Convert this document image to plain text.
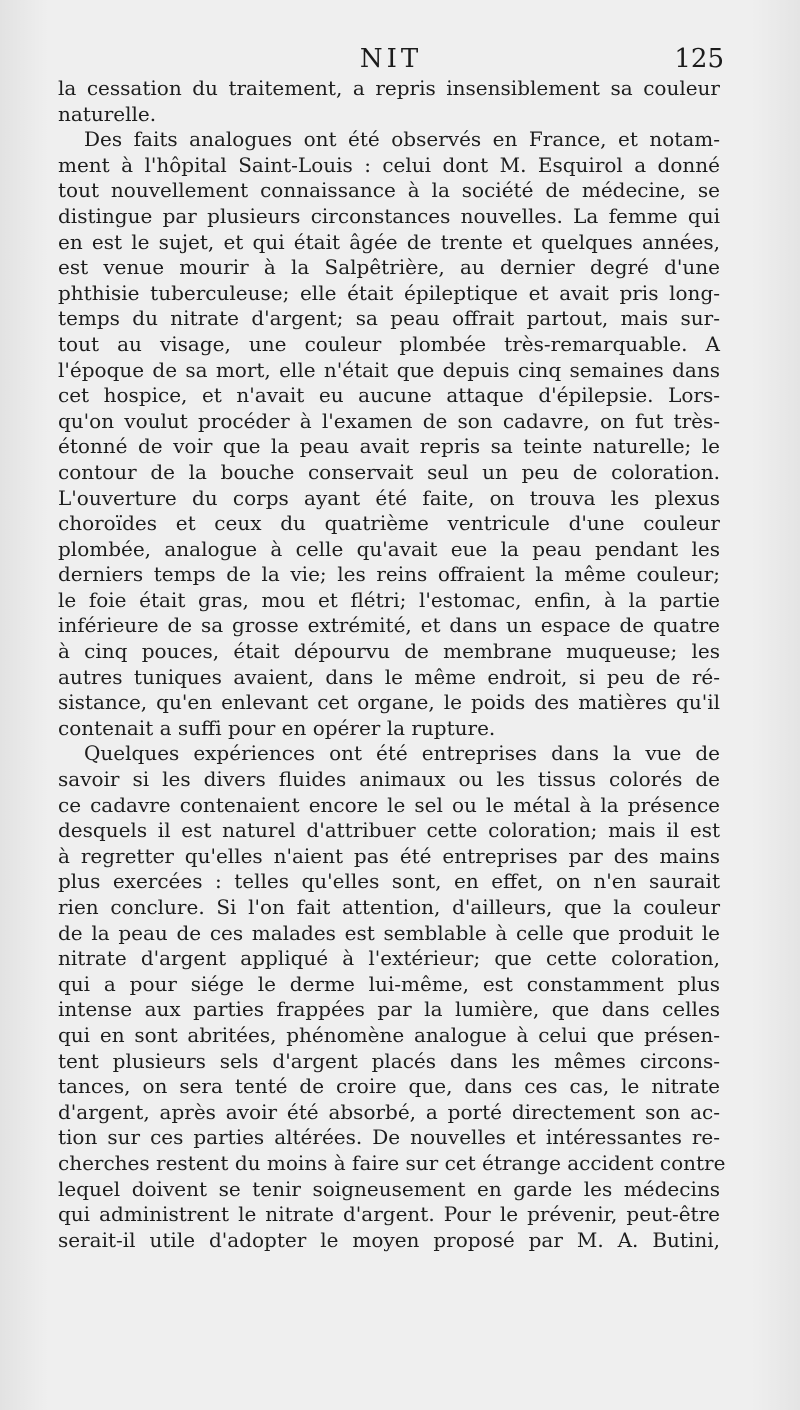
NIT	125
la cessation du traitement, a repris insensiblement sa couleur
naturelle.
Des faits analogues ont été observés en France, et notam-
ment à l'hôpital Saint-Louis : celui dont M. Esquirol a donné
tout nouvellement connaissance à la société de médecine, se
distingue par plusieurs circonstances nouvelles. La femme qui
en est le sujet, et qui était âgée de trente et quelques années,
est venue mourir à la Salpêtrière, au dernier degré d'une
phthisie tuberculeuse; elle était épileptique et avait pris long-
temps du nitrate d'argent; sa peau offrait partout, mais sur-
tout au visage, une couleur plombée très-remarquable. A
l'époque de sa mort, elle n'était que depuis cinq semaines dans
cet hospice, et n'avait eu aucune attaque d'épilepsie. Lors-
qu'on voulut procéder à l'examen de son cadavre, on fut très-
étonné de voir que la peau avait repris sa teinte naturelle; le
contour de la bouche conservait seul un peu de coloration.
L'ouverture du corps ayant été faite, on trouva les plexus
choroïdes et ceux du quatrième ventricule d'une couleur
plombée, analogue à celle qu'avait eue la peau pendant les
derniers temps de la vie; les reins offraient la même couleur;
le foie était gras, mou et flétri; l'estomac, enfin, à la partie
inférieure de sa grosse extrémité, et dans un espace de quatre
à cinq pouces, était dépourvu de membrane muqueuse; les
autres tuniques avaient, dans le même endroit, si peu de ré-
sistance, qu'en enlevant cet organe, le poids des matières qu'il
contenait a suffi pour en opérer la rupture.
Quelques expériences ont été entreprises dans la vue de
savoir si les divers fluides animaux ou les tissus colorés de
ce cadavre contenaient encore le sel ou le métal à la présence
desquels il est naturel d'attribuer cette coloration; mais il est
à regretter qu'elles n'aient pas été entreprises par des mains
plus exercées : telles qu'elles sont, en effet, on n'en saurait
rien conclure. Si l'on fait attention, d'ailleurs, que la couleur
de la peau de ces malades est semblable à celle que produit le
nitrate d'argent appliqué à l'extérieur; que cette coloration,
qui a pour siége le derme lui-même, est constamment plus
intense aux parties frappées par la lumière, que dans celles
qui en sont abritées, phénomène analogue à celui que présen-
tent plusieurs sels d'argent placés dans les mêmes circons-
tances, on sera tenté de croire que, dans ces cas, le nitrate
d'argent, après avoir été absorbé, a porté directement son ac-
tion sur ces parties altérées. De nouvelles et intéressantes re-
cherches restent du moins à faire sur cet étrange accident contre
lequel doivent se tenir soigneusement en garde les médecins
qui administrent le nitrate d'argent. Pour le prévenir, peut-être
serait-il utile d'adopter le moyen proposé par M. A. Butini,
